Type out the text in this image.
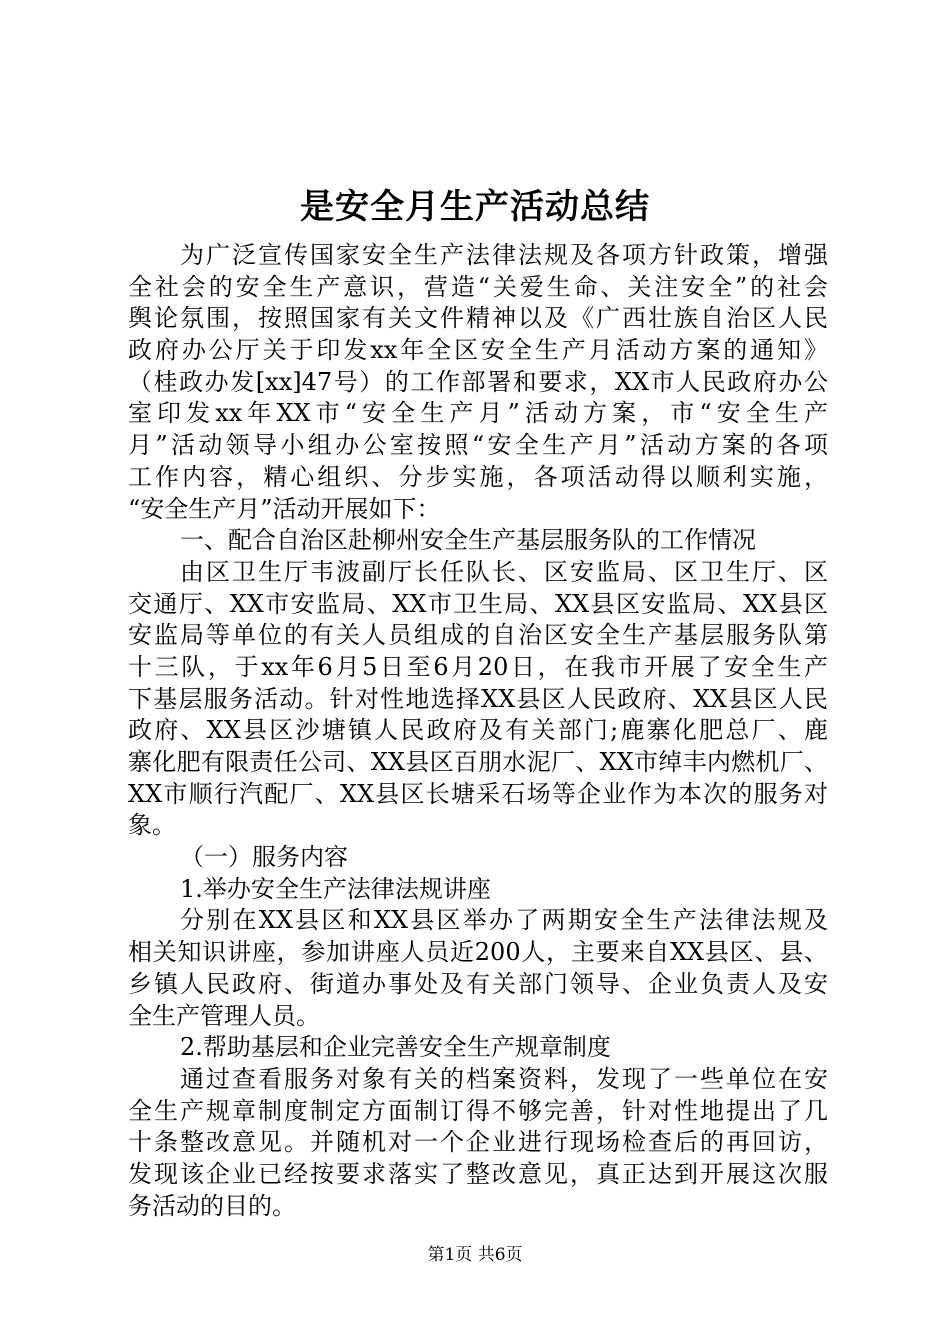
是安全月生产活动总结
为广泛宣传国家安全生产法律法规及各项方针政策，增强
全社会的安全生产意识，营造“关爱生命、关注安全”的社会
舆论氛围，按照国家有关文件精神以及《广西壮族自治区人民
政府办公厅关于印发xx年全区安全生产月活动方案的通知》
（桂政办发[xx]47号）的工作部署和要求，XX市人民政府办公
室印发xx年XX市“安全生产月”活动方案，市“安全生产
月”活动领导小组办公室按照“安全生产月”活动方案的各项
工作内容，精心组织、分步实施，各项活动得以顺利实施，
“安全生产月”活动开展如下：
一、配合自治区赴柳州安全生产基层服务队的工作情况
由区卫生厅韦波副厅长任队长、区安监局、区卫生厅、区
交通厅、XX市安监局、XX市卫生局、XX县区安监局、XX县区
安监局等单位的有关人员组成的自治区安全生产基层服务队第
十三队，于xx年6月5日至6月20日，在我市开展了安全生产
下基层服务活动。针对性地选择XX县区人民政府、XX县区人民
政府、XX县区沙塘镇人民政府及有关部门;鹿寨化肥总厂、鹿
寨化肥有限责任公司、XX县区百朋水泥厂、XX市绰丰内燃机厂、
XX市顺行汽配厂、XX县区长塘采石场等企业作为本次的服务对
象。
（一）服务内容
1.举办安全生产法律法规讲座
分别在XX县区和XX县区举办了两期安全生产法律法规及
相关知识讲座，参加讲座人员近200人，主要来自XX县区、县、
乡镇人民政府、街道办事处及有关部门领导、企业负责人及安
全生产管理人员。
2.帮助基层和企业完善安全生产规章制度
通过查看服务对象有关的档案资料，发现了一些单位在安
全生产规章制度制定方面制订得不够完善，针对性地提出了几
十条整改意见。并随机对一个企业进行现场检查后的再回访，
发现该企业已经按要求落实了整改意见，真正达到开展这次服
务活动的目的。
第1页 共6页
